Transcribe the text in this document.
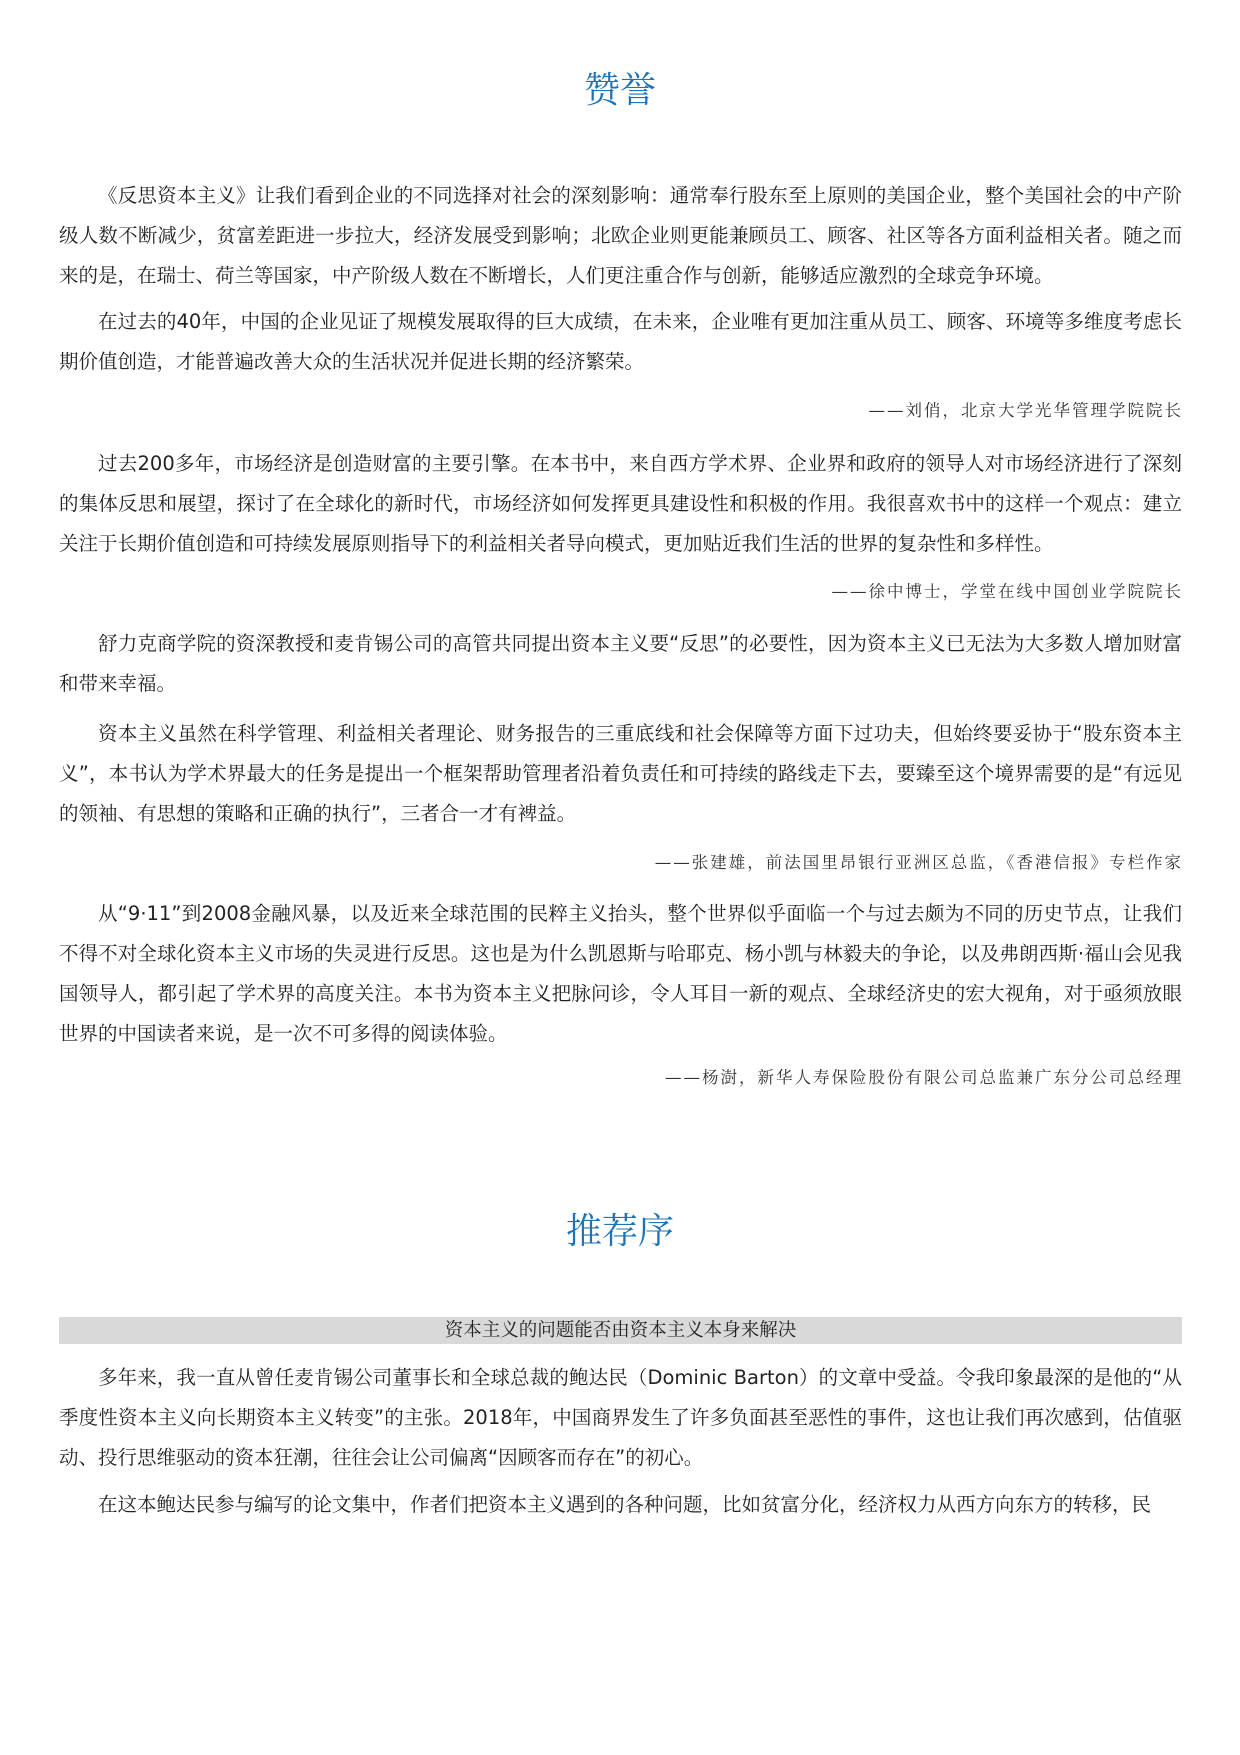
赞誉

《反思资本主义》让我们看到企业的不同选择对社会的深刻影响：通常奉行股东至上原则的美国企业，整个美国社会的中产阶级人数不断减少，贫富差距进一步拉大，经济发展受到影响；北欧企业则更能兼顾员工、顾客、社区等各方面利益相关者。随之而来的是，在瑞士、荷兰等国家，中产阶级人数在不断增长，人们更注重合作与创新，能够适应激烈的全球竞争环境。

在过去的40年，中国的企业见证了规模发展取得的巨大成绩，在未来，企业唯有更加注重从员工、顾客、环境等多维度考虑长期价值创造，才能普遍改善大众的生活状况并促进长期的经济繁荣。

——刘俏，北京大学光华管理学院院长

过去200多年，市场经济是创造财富的主要引擎。在本书中，来自西方学术界、企业界和政府的领导人对市场经济进行了深刻的集体反思和展望，探讨了在全球化的新时代，市场经济如何发挥更具建设性和积极的作用。我很喜欢书中的这样一个观点：建立关注于长期价值创造和可持续发展原则指导下的利益相关者导向模式，更加贴近我们生活的世界的复杂性和多样性。

——徐中博士，学堂在线中国创业学院院长

舒力克商学院的资深教授和麦肯锡公司的高管共同提出资本主义要“反思”的必要性，因为资本主义已无法为大多数人增加财富和带来幸福。

资本主义虽然在科学管理、利益相关者理论、财务报告的三重底线和社会保障等方面下过功夫，但始终要妥协于“股东资本主义”，本书认为学术界最大的任务是提出一个框架帮助管理者沿着负责任和可持续的路线走下去，要臻至这个境界需要的是“有远见的领袖、有思想的策略和正确的执行”，三者合一才有裨益。

——张建雄，前法国里昂银行亚洲区总监，《香港信报》专栏作家

从“9·11”到2008金融风暴，以及近来全球范围的民粹主义抬头，整个世界似乎面临一个与过去颇为不同的历史节点，让我们不得不对全球化资本主义市场的失灵进行反思。这也是为什么凯恩斯与哈耶克、杨小凯与林毅夫的争论，以及弗朗西斯·福山会见我国领导人，都引起了学术界的高度关注。本书为资本主义把脉问诊，令人耳目一新的观点、全球经济史的宏大视角，对于亟须放眼世界的中国读者来说，是一次不可多得的阅读体验。

——杨澍，新华人寿保险股份有限公司总监兼广东分公司总经理

推荐序
资本主义的问题能否由资本主义本身来解决

多年来，我一直从曾任麦肯锡公司董事长和全球总裁的鲍达民（Dominic Barton）的文章中受益。令我印象最深的是他的“从季度性资本主义向长期资本主义转变”的主张。2018年，中国商界发生了许多负面甚至恶性的事件，这也让我们再次感到，估值驱动、投行思维驱动的资本狂潮，往往会让公司偏离“因顾客而存在”的初心。

在这本鲍达民参与编写的论文集中，作者们把资本主义遇到的各种问题，比如贫富分化，经济权力从西方向东方的转移，民
